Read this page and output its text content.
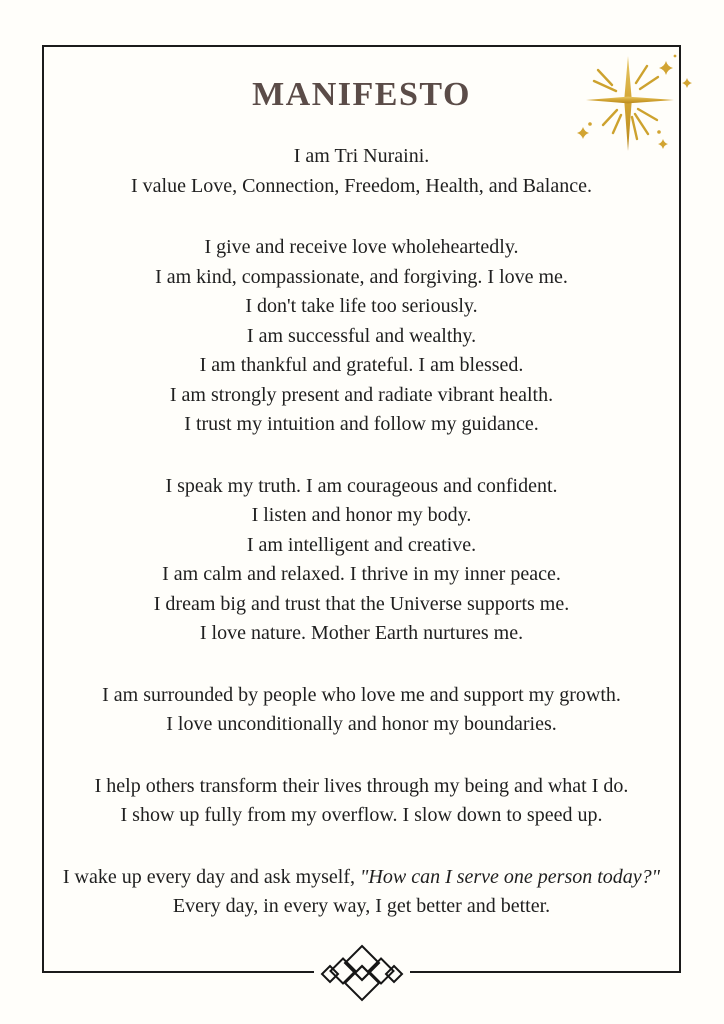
MANIFESTO
I am Tri Nuraini.
I value Love, Connection, Freedom, Health, and Balance.
I give and receive love wholeheartedly.
I am kind, compassionate, and forgiving. I love me.
I don't take life too seriously.
I am successful and wealthy.
I am thankful and grateful. I am blessed.
I am strongly present and radiate vibrant health.
I trust my intuition and follow my guidance.
I speak my truth. I am courageous and confident.
I listen and honor my body.
I am intelligent and creative.
I am calm and relaxed. I thrive in my inner peace.
I dream big and trust that the Universe supports me.
I love nature. Mother Earth nurtures me.
I am surrounded by people who love me and support my growth.
I love unconditionally and honor my boundaries.
I help others transform their lives through my being and what I do.
I show up fully from my overflow. I slow down to speed up.
I wake up every day and ask myself, "How can I serve one person today?"
Every day, in every way, I get better and better.
